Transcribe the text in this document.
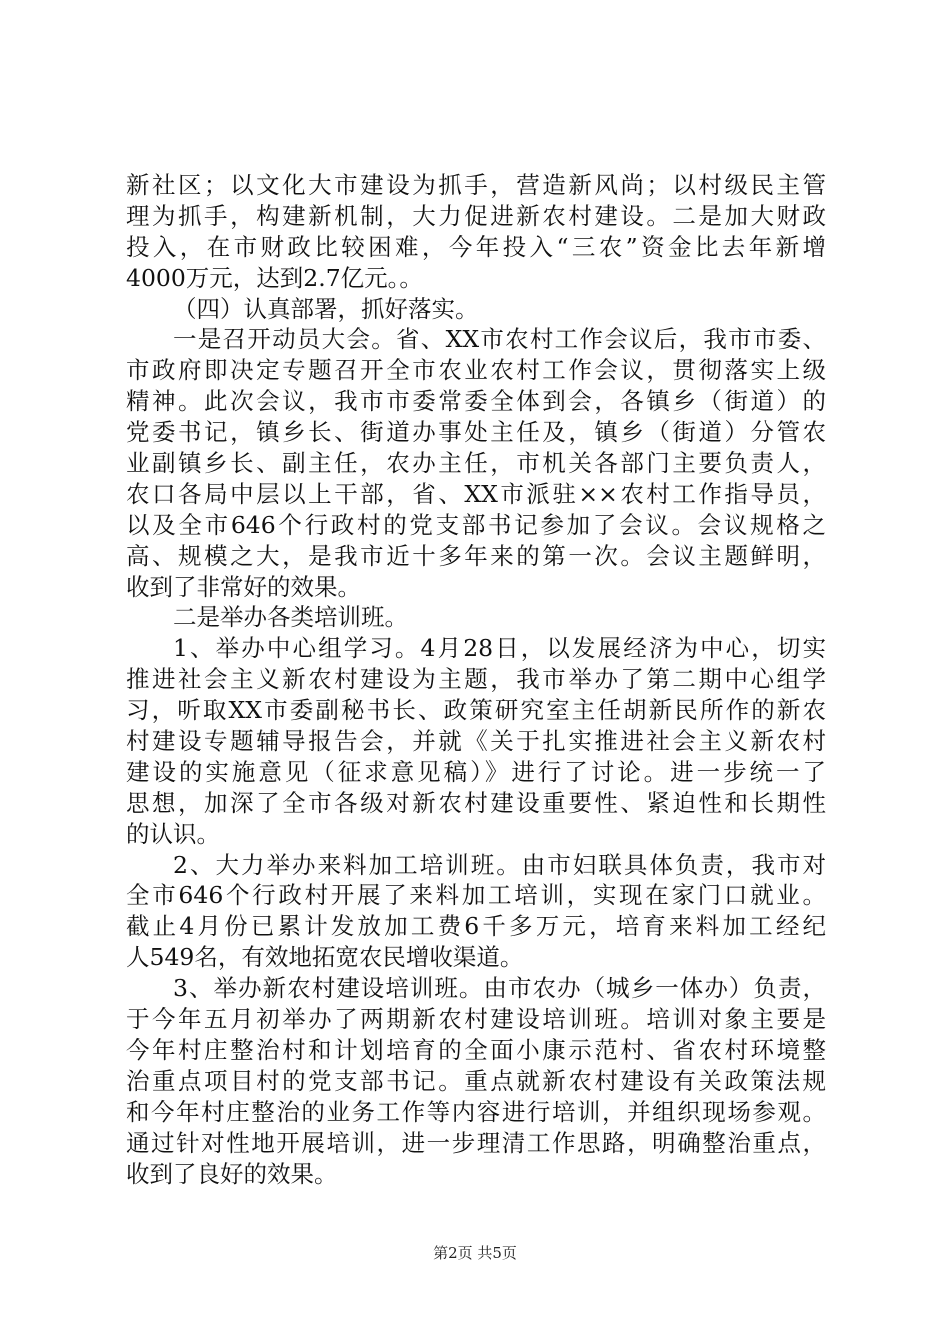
新社区；以文化大市建设为抓手，营造新风尚；以村级民主管
理为抓手，构建新机制，大力促进新农村建设。二是加大财政
投入，在市财政比较困难，今年投入“三农”资金比去年新增
4000万元，达到2.7亿元。。
（四）认真部署，抓好落实。
一是召开动员大会。省、XX市农村工作会议后，我市市委、
市政府即决定专题召开全市农业农村工作会议，贯彻落实上级
精神。此次会议，我市市委常委全体到会，各镇乡（街道）的
党委书记，镇乡长、街道办事处主任及，镇乡（街道）分管农
业副镇乡长、副主任，农办主任，市机关各部门主要负责人，
农口各局中层以上干部，省、XX市派驻××农村工作指导员，
以及全市646个行政村的党支部书记参加了会议。会议规格之
高、规模之大，是我市近十多年来的第一次。会议主题鲜明，
收到了非常好的效果。
二是举办各类培训班。
1、举办中心组学习。4月28日，以发展经济为中心，切实
推进社会主义新农村建设为主题，我市举办了第二期中心组学
习，听取XX市委副秘书长、政策研究室主任胡新民所作的新农
村建设专题辅导报告会，并就《关于扎实推进社会主义新农村
建设的实施意见（征求意见稿）》进行了讨论。进一步统一了
思想，加深了全市各级对新农村建设重要性、紧迫性和长期性
的认识。
2、大力举办来料加工培训班。由市妇联具体负责，我市对
全市646个行政村开展了来料加工培训，实现在家门口就业。
截止4月份已累计发放加工费6千多万元，培育来料加工经纪
人549名，有效地拓宽农民增收渠道。
3、举办新农村建设培训班。由市农办（城乡一体办）负责，
于今年五月初举办了两期新农村建设培训班。培训对象主要是
今年村庄整治村和计划培育的全面小康示范村、省农村环境整
治重点项目村的党支部书记。重点就新农村建设有关政策法规
和今年村庄整治的业务工作等内容进行培训，并组织现场参观。
通过针对性地开展培训，进一步理清工作思路，明确整治重点，
收到了良好的效果。
第2页 共5页
